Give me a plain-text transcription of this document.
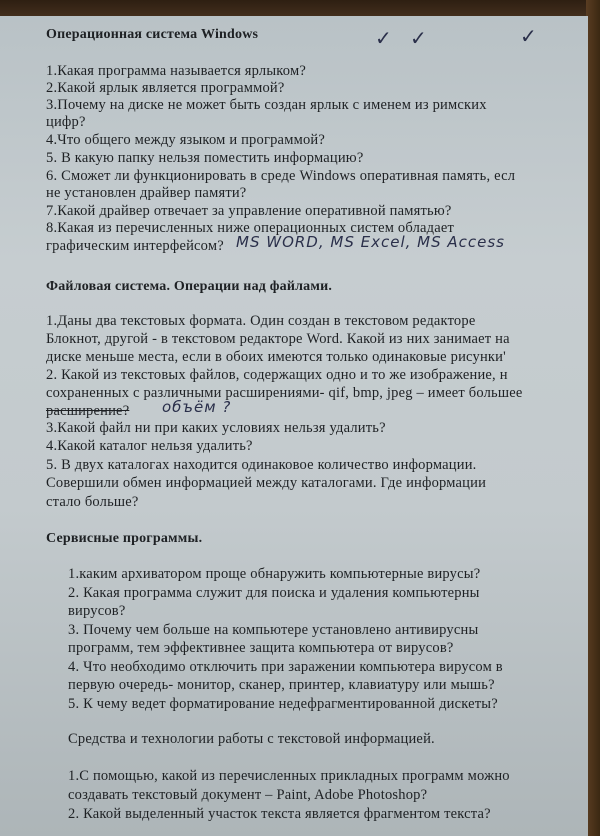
Операционная система Windows	✓ ✓	✓
1.Какая программа называется ярлыком?
2.Какой ярлык является программой?
3.Почему на диске не может быть создан ярлык с именем из римских
цифр?
4.Что общего между языком и программой?
5. В какую папку нельзя поместить информацию?
6. Сможет ли функционировать в среде Windows оперативная память, есл
не установлен драйвер памяти?
7.Какой драйвер отвечает за управление оперативной памятью?
8.Какая из перечисленных ниже операционных систем обладает
графическим интерфейсом? MS WORD, MS Excel, MS Access
Файловая система. Операции над файлами.
1.Даны два текстовых формата. Один создан в текстовом редакторе
Блокнот, другой - в текстовом редакторе Word. Какой из них занимает на
диске меньше места, если в обоих имеются только одинаковые рисунки'
2. Какой из текстовых файлов, содержащих одно и то же изображение, н
сохраненных с различными расширениями- qif, bmp, jpeg – имеет большее
расширение? объём ?
3.Какой файл ни при каких условиях нельзя удалить?
4.Какой каталог нельзя удалить?
5. В двух каталогах находится одинаковое количество информации.
Совершили обмен информацией между каталогами. Где информации
стало больше?
Сервисные программы.
1.каким архиватором проще обнаружить компьютерные вирусы?
2. Какая программа служит для поиска и удаления компьютерны
вирусов?
3. Почему чем больше на компьютере установлено антивирусны
программ, тем эффективнее защита компьютера от вирусов?
4. Что необходимо отключить при заражении компьютера вирусом в
первую очередь- монитор, сканер, принтер, клавиатуру или мышь?
5. К чему ведет форматирование недефрагментированной дискеты?
Средства и технологии работы с текстовой информацией.
1.С помощью, какой из перечисленных прикладных программ можно
создавать текстовый документ – Paint, Adobe Photoshop?
2. Какой выделенный участок текста является фрагментом текста?
